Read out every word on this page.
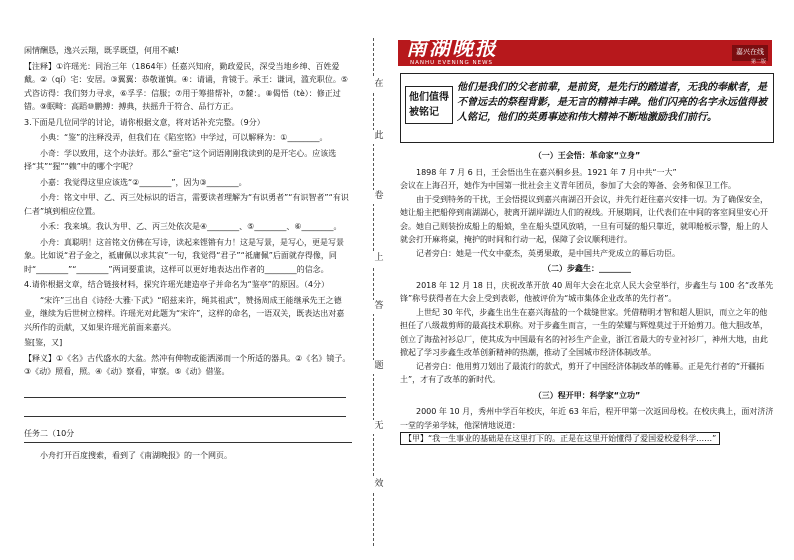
闲情酬恳，逸兴云翔，既孚既望，何用不臧!

【注释】①许瑶光：同治三年（1864年）任嘉兴知府，勤政爱民，深受当地乡绅、百姓爱戴。②（qí）宅：安居。③翼翼：恭敬谨慎。④：请诵，肯镜于。承王：谦词，滥充职位。⑤式咨访得：我们努力寻求，⑥孚孚：信服；⑦用于筹措帮补，⑦麓：。⑧偈悟（tè）：修正过错。⑨眠畸：高蹈⑩鹏搏：搏典，扶摇升于符合、品行方正。

3.下面是几位同学的讨论，请你根据文意，将对话补充完整。（9分）

小典：“鉴”的注释没弄，但我们在《陷室铭》中学过，可以解释为：①________。

小奇：学以致用，这个办法好。那么“蚕宅”这个词语刚刚我读到的是开宅心。应该选择“其”“猩”“赖”中的哪个字呢？

小嘉：我觉得这里应该选“②________”，因为③________。

小舟：铭文中甲、乙、丙三处标识的语言，需要读者理解为“有识勇者”“有识智者”“有识仁者”填到相应位置。

小禾：我来填。我认为甲、乙、丙三处依次是④________、⑤________、⑥________。

小舟：真聪明！这首铭文仿佛在写诗，读起来铿锵有力！这是写景，是写心，更是写景象。比如说“君子金之，祗庸佩以求其哀”一句，我觉得“君子”“祗庸佩”后面就存得像，同时“________”“________”两词要重读，这样可以更好地表达出作者的________的信念。

4.请你根据文章，结合链接材料，探究许瑶光建造亭子并命名为“鉴亭”的原因。（4分）

“宋许”三出自《诗经·大雅·下武》“昭兹来许，绳其祖武”，赞扬周成王能继承先王之德业，继续为后世树立榜样。许瑶光对此题为“宋许”，这样的命名，一语双关，既表达出对嘉兴所作的贡献，又如果许瑶光前面来嘉兴。

鉴[鉴，又]

【释义】①《名》古代盛水的大盆。然冲有伸物或能洒涕而一个所适的器具。②《名》镜子。③《动》照看，照。④《动》察看，审察。⑤《动》借鉴。

任务二（10分

小舟打开百度搜索，看到了《南湖晚报》的一个网页。

在
此
卷
上
答
题
无
效
南湖晚报
NANHU EVENING NEWS
嘉兴在线
第二版
他们值得被铭记
他们是我们的父老前辈，是前贤，是先行的踏道者，无我的奉献者，是不曾远去的祭程背影，是无言的精神丰碑。他们闪亮的名字永远值得被人铭记，他们的英勇事迹和伟大精神不断地激励我们前行。
（一）王会悟：革命家“立身”

1898 年 7 月 6 日，王会悟出生在嘉兴桐乡县。1921 年 7 月中共“一大”

会议在上海召开，她作为中国第一批社会主义青年团员，参加了大会的筹备、会务和保卫工作。

由于受到特务的干扰，王会悟提议到嘉兴南湖召开会议，并先行赶往嘉兴安排一切。为了确保安全，她让船主把船停到南湖湖心，驶离开湖岸湖边人们的视线。开展期间，让代表们在中间的客室间里安心开会。她自己则装扮成船上的船娘，坐在船头望风放哨，一旦有可疑的船只靠近，就叩舱板示警，船上的人就会打开麻将桌，掩护的时间和行动一起，保障了会议顺利进行。

记者旁白：她是一代女中豪杰，英勇果敢，是中国共产党成立的幕后功臣。

（二）步鑫生：________

2018 年 12 月 18 日，庆祝改革开放 40 周年大会在北京人民大会堂举行，步鑫生与 100 名“改革先锋”称号获得者在大会上受到表彰，他被评价为“城市集体企业改革的先行者”。

上世纪 30 年代，步鑫生出生在嘉兴海盐的一个裁缝世家。凭借精明才智和超人胆识，而立之年的他担任了八级裁剪师的最高技术职称。对于步鑫生而言，一生的荣耀与辉煌莫过于开始剪刀。他大胆改革，创立了海盐衬衫总厂，使其成为中国最有名的衬衫生产企业，浙江省最大的专业衬衫厂，神州大地，由此掀起了学习步鑫生改革创新精神的热潮，推动了全国城市经济体制改革。

记者旁白：他用剪刀划出了最流行的款式，剪开了中国经济体制改革的帷幕。正是先行者的“开疆拓土”，才有了改革的新时代。

（三）程开甲：科学家“立功”

2000 年 10 月，秀州中学百年校庆，年近 63 年后，程开甲第一次返回母校。在校庆典上，面对济济一堂的学弟学妹，他深情地说道：

【甲】“我一生事业的基础是在这里打下的。正是在这里开始懂得了爱国爱校爱科学……”
